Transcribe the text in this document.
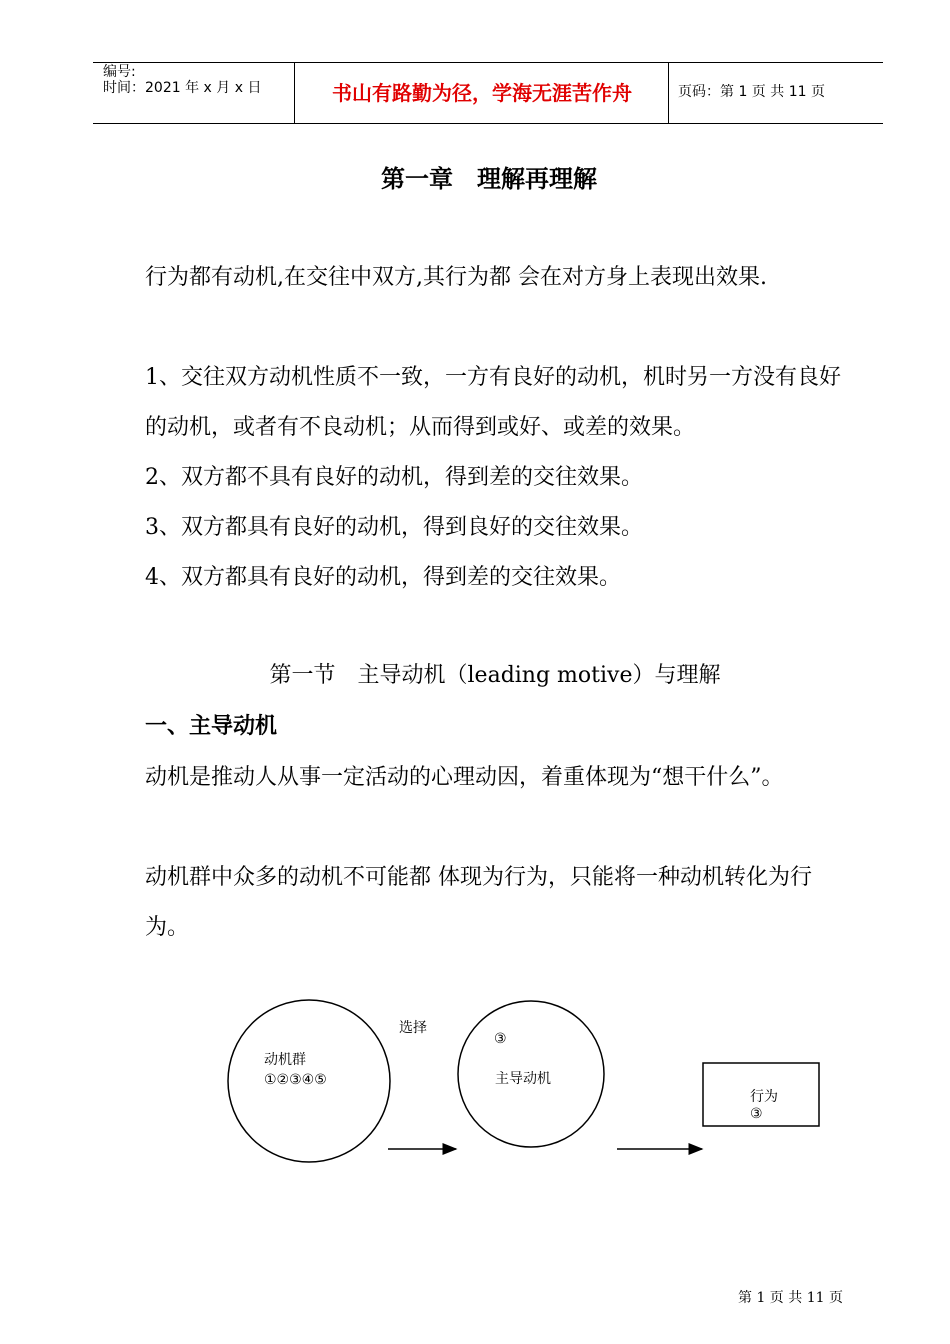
编号:
时间：2021 年 x 月 x 日	书山有路勤为径，学海无涯苦作舟	页码：第 1 页 共 11 页
第一章　理解再理解

行为都有动机,在交往中双方,其行为都 会在对方身上表现出效果.

1、交往双方动机性质不一致，一方有良好的动机，机时另一方没有良好的动机，或者有不良动机；从而得到或好、或差的效果。

2、双方都不具有良好的动机，得到差的交往效果。

3、双方都具有良好的动机，得到良好的交往效果。

4、双方都具有良好的动机，得到差的交往效果。

第一节　主导动机（leading motive）与理解
一、主导动机

动机是推动人从事一定活动的心理动因，着重体现为“想干什么”。

动机群中众多的动机不可能都 体现为行为，只能将一种动机转化为行为。

动机群
①②③④⑤
选择
③
主导动机
行为
③
第 1 页 共 11 页
